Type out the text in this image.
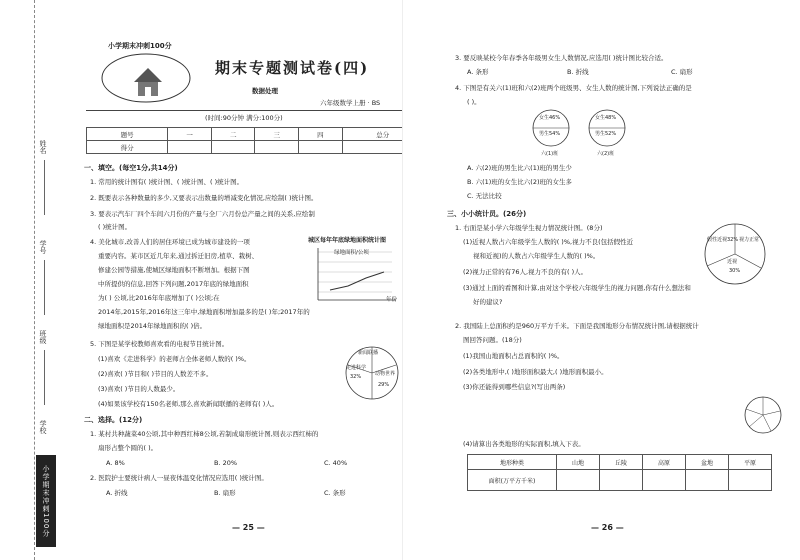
姓名
学号
班级
学校
小学期末冲刺100分
小学期末冲刺100分
期末专题测试卷(四)
数据处理
六年级数学上册 · BS
(时间:90分钟 满分:100分)
题号	一	二	三	四	总分
得分					
一、填空。(每空1分,共14分)
1. 常用的统计图有( )统计图、( )统计图、( )统计图。
2. 既要表示各种数量的多少,又要表示出数量的增减变化情况,应绘制( )统计图。
3. 要表示汽车厂四个车间六月份的产量与全厂六月份总产量之间的关系,应绘制
( )统计图。
4. 美化城市,改善人们的居住环境已成为城市建设的一项
重要内容。某市区近几年来,通过拆迁旧房,植草、栽树、
修建公园等措施,使城区绿地面积不断增加。根据下图
中所提供的信息,回答下列问题,2017年底的绿地面积
为( ) 公顷,比2016年年底增加了( )公顷;在
2014年,2015年,2016年这三年中,绿地面积增加最多的是( )年;2017年的
绿地面积是2014年绿地面积的( )倍。
城区每年年底绿地面积统计图
绿地面积/公顷
年份
5. 下图是某学校教师喜欢看的电视节目统计图。
(1)喜欢《走进科学》的老师占全体老师人数的( )%。
(2)喜欢( )节目和( )节目的人数差不多。
(3)喜欢( )节目的人数最少。
(4)如果该学校有150名老师,那么喜欢新闻联播的老师有( )人。
新闻联播
走进科学
32%	动物世界
29%
二、选择。(12分)
1. 某村共种蔬菜40公顷,其中种西红柿8公顷,若制成扇形统计图,则表示西红柿的
扇形占整个圆的( )。
A. 8%	B. 20%	C. 40%
2. 医院护士要统计病人一昼夜体温变化情况应选用( )统计图。
A. 折线	B. 扇形	C. 条形
— 25 —
3. 要反映某校今年春季各年级男女生人数情况,应选用( )统计图比较合适。
A. 条形	B. 折线	C. 扇形
4. 下图是有关六(1)班和六(2)班两个班级男、女生人数的统计图,下列说法正确的是
( )。
女生46%
男生54%
六(1)班
女生48%
男生52%
六(2)班
A. 六(2)班的男生比六(1)班的男生少
B. 六(1)班的女生比六(2)班的女生多
C. 无法比较
三、小小统计员。(26分)
1. 右面是某小学六年级学生视力情况统计图。(8分)
(1)近视人数占六年级学生人数的( )%,视力不良(包括假性近
视和近视)的人数占六年级学生人数的( )%。
(2)视力正常的有76人,视力不良的有( )人。
(3)通过上面的看图和计算,由对这个学校六年级学生的视力问题,你有什么想法和
好的建议?
假性近视32% 视力正常
近视
30%
2. 我国陆上总面积约是960万平方千米。下面是我国地形分布情况统计图,请根据统计
图回答问题。(18分)
(1)我国山地面积占总面积的( )%。
(2)各类地形中,( )地形面积最大,( )地形面积最小。
(3)你还能得到哪些信息?(写出两条)
(4)请算出各类地形的实际面积,填入下表。
地形种类	山地	丘陵	高原	盆地	平原
面积(万平方千米)					
— 26 —
